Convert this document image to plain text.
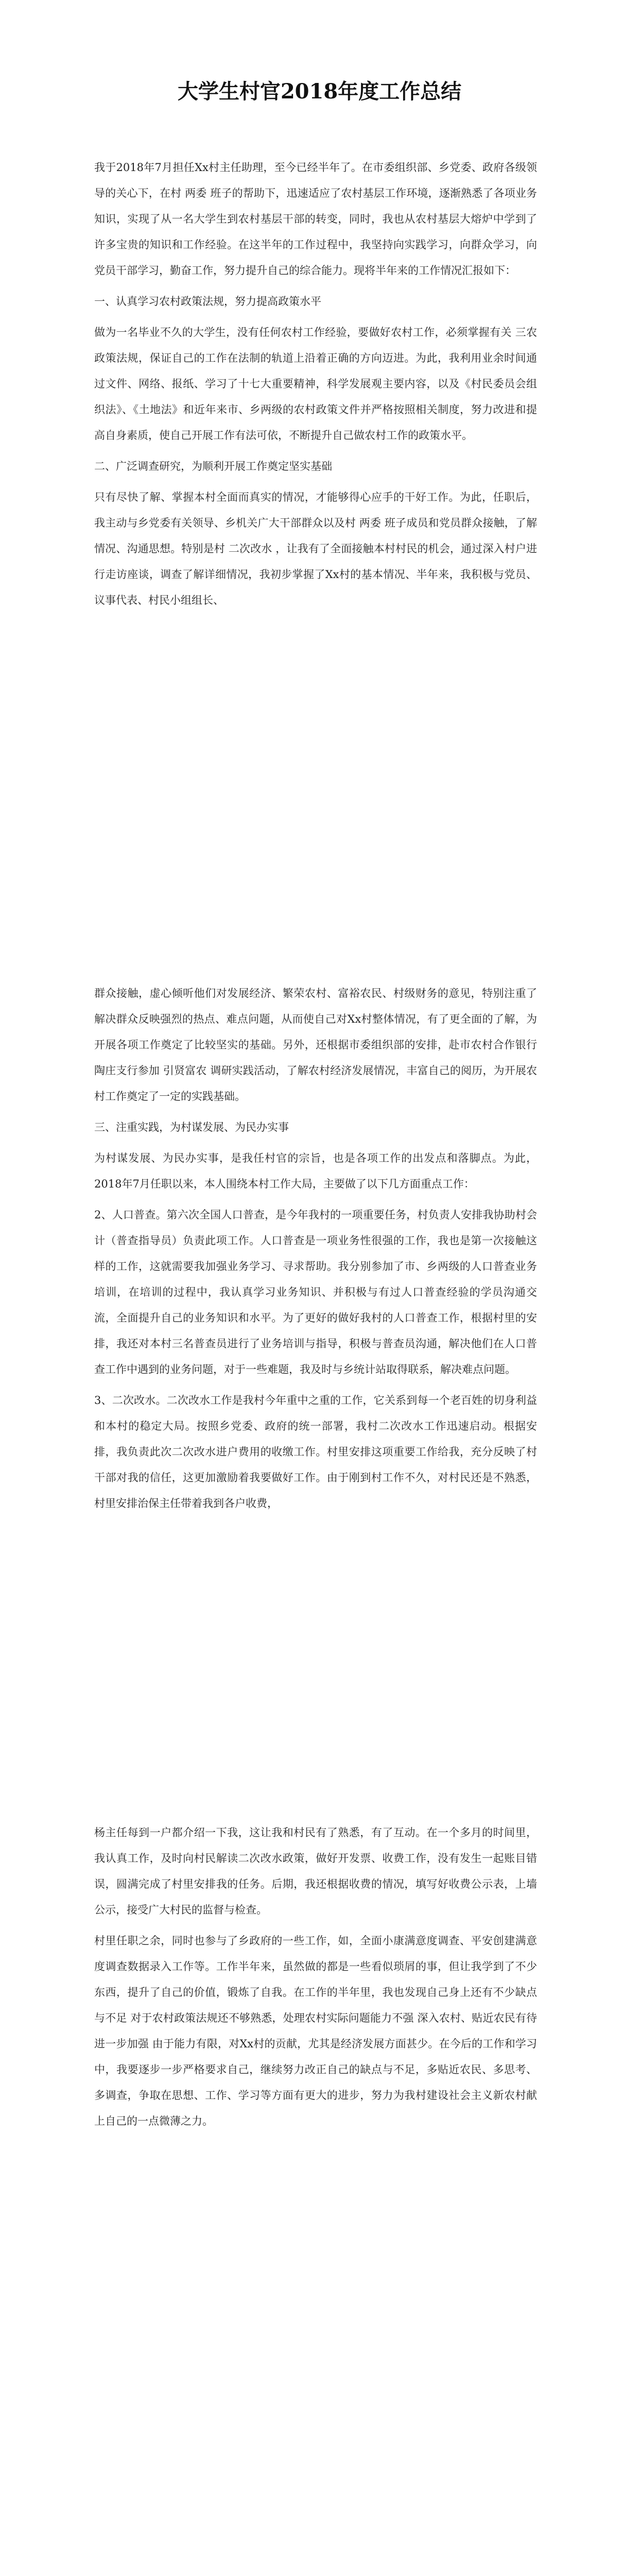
大学生村官2018年度工作总结

我于2018年7月担任Xx村主任助理，至今已经半年了。在市委组织部、乡党委、政府各级领导的关心下，在村 两委 班子的帮助下，迅速适应了农村基层工作环境，逐渐熟悉了各项业务知识，实现了从一名大学生到农村基层干部的转变，同时，我也从农村基层大熔炉中学到了许多宝贵的知识和工作经验。在这半年的工作过程中，我坚持向实践学习，向群众学习，向党员干部学习，勤奋工作，努力提升自己的综合能力。现将半年来的工作情况汇报如下：

一、认真学习农村政策法规，努力提高政策水平

做为一名毕业不久的大学生，没有任何农村工作经验，要做好农村工作，必须掌握有关 三农 政策法规，保证自己的工作在法制的轨道上沿着正确的方向迈进。为此，我利用业余时间通过文件、网络、报纸、学习了十七大重要精神，科学发展观主要内容，以及《村民委员会组织法》、《土地法》和近年来市、乡两级的农村政策文件并严格按照相关制度，努力改进和提高自身素质，使自己开展工作有法可依，不断提升自己做农村工作的政策水平。

二、广泛调查研究，为顺利开展工作奠定坚实基础

只有尽快了解、掌握本村全面而真实的情况，才能够得心应手的干好工作。为此，任职后，我主动与乡党委有关领导、乡机关广大干部群众以及村 两委 班子成员和党员群众接触，了解情况、沟通思想。特别是村 二次改水 ，让我有了全面接触本村村民的机会，通过深入村户进行走访座谈，调查了解详细情况，我初步掌握了Xx村的基本情况、半年来，我积极与党员、议事代表、村民小组组长、

群众接触，虚心倾听他们对发展经济、繁荣农村、富裕农民、村级财务的意见，特别注重了解决群众反映强烈的热点、难点问题，从而使自己对Xx村整体情况，有了更全面的了解，为开展各项工作奠定了比较坚实的基础。另外，还根据市委组织部的安排，赴市农村合作银行陶庄支行参加 引贤富农 调研实践活动，了解农村经济发展情况，丰富自己的阅历，为开展农村工作奠定了一定的实践基础。

三、注重实践，为村谋发展、为民办实事

为村谋发展、为民办实事，是我任村官的宗旨，也是各项工作的出发点和落脚点。为此，2018年7月任职以来，本人围绕本村工作大局，主要做了以下几方面重点工作：

2、人口普查。第六次全国人口普查，是今年我村的一项重要任务，村负责人安排我协助村会计（普查指导员）负责此项工作。人口普查是一项业务性很强的工作，我也是第一次接触这样的工作，这就需要我加强业务学习、寻求帮助。我分别参加了市、乡两级的人口普查业务培训，在培训的过程中，我认真学习业务知识、并积极与有过人口普查经验的学员沟通交流，全面提升自己的业务知识和水平。为了更好的做好我村的人口普查工作，根据村里的安排，我还对本村三名普查员进行了业务培训与指导，积极与普查员沟通，解决他们在人口普查工作中遇到的业务问题，对于一些难题，我及时与乡统计站取得联系，解决难点问题。

3、二次改水。二次改水工作是我村今年重中之重的工作，它关系到每一个老百姓的切身利益和本村的稳定大局。按照乡党委、政府的统一部署，我村二次改水工作迅速启动。根据安排，我负责此次二次改水进户费用的收缴工作。村里安排这项重要工作给我，充分反映了村干部对我的信任，这更加激励着我要做好工作。由于刚到村工作不久，对村民还是不熟悉，村里安排治保主任带着我到各户收费，

杨主任每到一户都介绍一下我，这让我和村民有了熟悉，有了互动。在一个多月的时间里，我认真工作，及时向村民解读二次改水政策，做好开发票、收费工作，没有发生一起账目错误，圆满完成了村里安排我的任务。后期，我还根据收费的情况，填写好收费公示表，上墙公示，接受广大村民的监督与检查。

村里任职之余，同时也参与了乡政府的一些工作，如，全面小康满意度调查、平安创建满意度调查数据录入工作等。工作半年来，虽然做的都是一些看似琐屑的事，但让我学到了不少东西，提升了自己的价值，锻炼了自我。在工作的半年里，我也发现自己身上还有不少缺点与不足 对于农村政策法规还不够熟悉，处理农村实际问题能力不强 深入农村、贴近农民有待进一步加强 由于能力有限，对Xx村的贡献，尤其是经济发展方面甚少。在今后的工作和学习中，我要逐步一步严格要求自己，继续努力改正自己的缺点与不足，多贴近农民、多思考、多调查，争取在思想、工作、学习等方面有更大的进步，努力为我村建设社会主义新农村献上自己的一点微薄之力。
